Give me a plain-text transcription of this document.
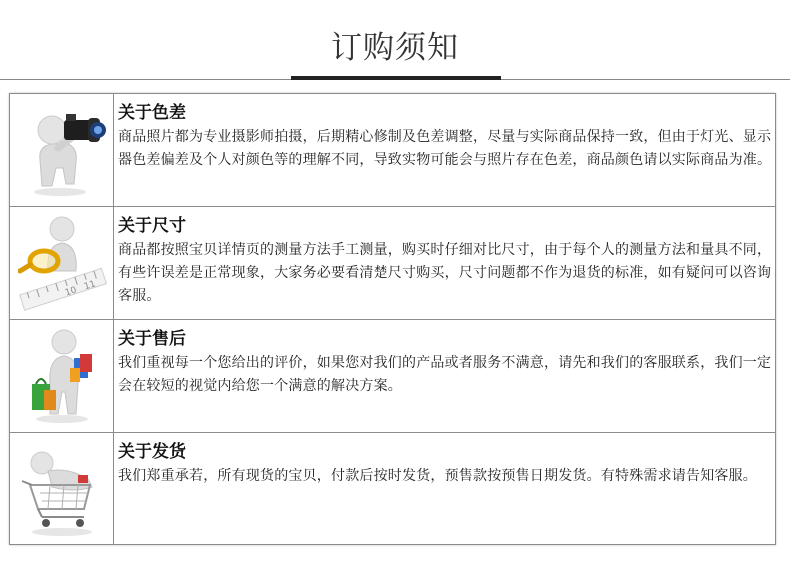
订购须知
关于色差
商品照片都为专业摄影师拍摄，后期精心修制及色差调整，尽量与实际商品保持一致，但由于灯光、显示器色差偏差及个人对颜色等的理解不同，导致实物可能会与照片存在色差，商品颜色请以实际商品为准。
10 11
关于尺寸
商品都按照宝贝详情页的测量方法手工测量，购买时仔细对比尺寸，由于每个人的测量方法和量具不同，有些许误差是正常现象，大家务必要看清楚尺寸购买，尺寸问题都不作为退货的标准，如有疑问可以咨询客服。
关于售后
我们重视每一个您给出的评价，如果您对我们的产品或者服务不满意，请先和我们的客服联系，我们一定会在较短的视觉内给您一个满意的解决方案。
关于发货
我们郑重承若，所有现货的宝贝，付款后按时发货，预售款按预售日期发货。有特殊需求请告知客服。
